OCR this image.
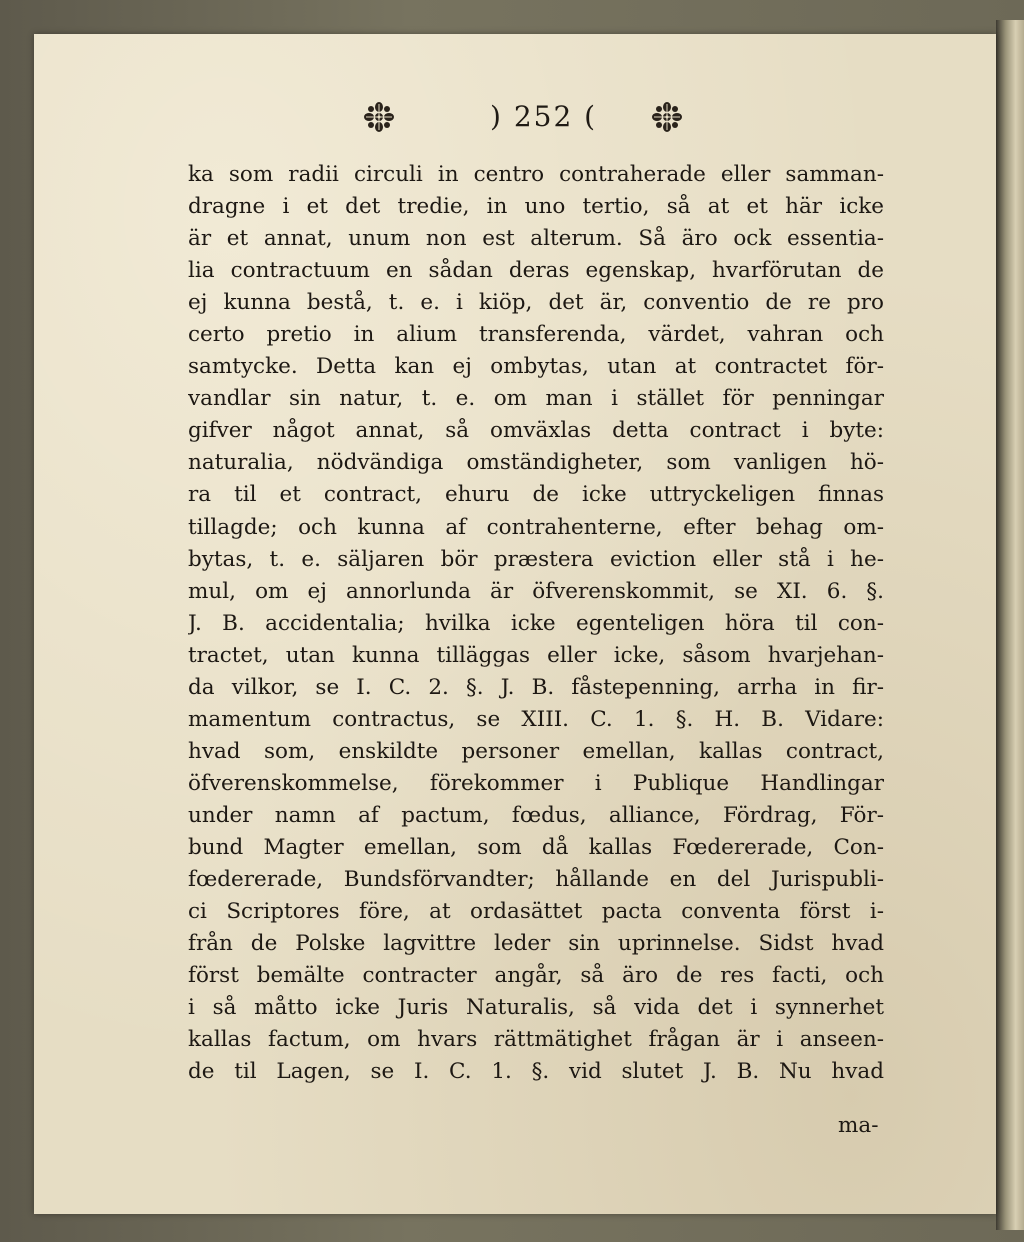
) 252 (
ka som radii circuli in centro contraherade eller samman-
dragne i et det tredie, in uno tertio, så at et här icke
är et annat, unum non est alterum. Så äro ock essentia-
lia contractuum en sådan deras egenskap, hvarförutan de
ej kunna bestå, t. e. i kiöp, det är, conventio de re pro
certo pretio in alium transferenda, värdet, vahran och
samtycke. Detta kan ej ombytas, utan at contractet för-
vandlar sin natur, t. e. om man i stället för penningar
gifver något annat, så omväxlas detta contract i byte:
naturalia, nödvändiga omständigheter, som vanligen hö-
ra til et contract, ehuru de icke uttryckeligen finnas
tillagde; och kunna af contrahenterne, efter behag om-
bytas, t. e. säljaren bör præstera eviction eller stå i he-
mul, om ej annorlunda är öfverenskommit, se XI. 6. §.
J. B. accidentalia; hvilka icke egenteligen höra til con-
tractet, utan kunna tilläggas eller icke, såsom hvarjehan-
da vilkor, se I. C. 2. §. J. B. fåstepenning, arrha in fir-
mamentum contractus, se XIII. C. 1. §. H. B. Vidare:
hvad som, enskildte personer emellan, kallas contract,
öfverenskommelse, förekommer i Publique Handlingar
under namn af pactum, fœdus, alliance, Fördrag, För-
bund Magter emellan, som då kallas Fœdererade, Con-
fœdererade, Bundsförvandter; hållande en del Jurispubli-
ci Scriptores före, at ordasättet pacta conventa först i-
från de Polske lagvittre leder sin uprinnelse. Sidst hvad
först bemälte contracter angår, så äro de res facti, och
i så måtto icke Juris Naturalis, så vida det i synnerhet
kallas factum, om hvars rättmätighet frågan är i anseen-
de til Lagen, se I. C. 1. §. vid slutet J. B. Nu hvad
ma-
